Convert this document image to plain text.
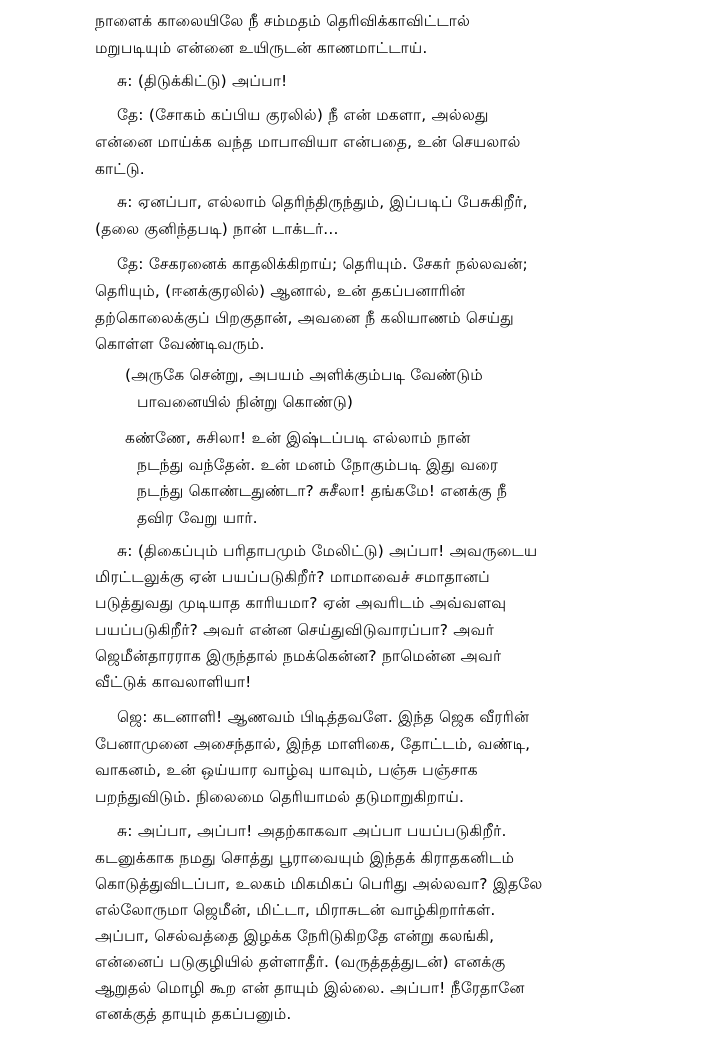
நாளைக் காலையிலே நீ சம்மதம் தெரிவிக்காவிட்டால்
மறுபடியும் என்னை உயிருடன் காணமாட்டாய்.
சு: (திடுக்கிட்டு) அப்பா!
தே: (சோகம் கப்பிய குரலில்) நீ என் மகளா, அல்லது
என்னை மாய்க்க வந்த மாபாவியா என்பதை, உன் செயலால்
காட்டு.
சு: ஏனப்பா, எல்லாம் தெரிந்திருந்தும், இப்படிப் பேசுகிறீர்,
(தலை குனிந்தபடி) நான் டாக்டர்...
தே: சேகரனைக் காதலிக்கிறாய்; தெரியும். சேகர் நல்லவன்;
தெரியும், (ஈனக்குரலில்) ஆனால், உன் தகப்பனாரின்
தற்கொலைக்குப் பிறகுதான், அவனை நீ கலியாணம் செய்து
கொள்ள வேண்டிவரும்.
(அருகே சென்று, அபயம் அளிக்கும்படி வேண்டும்
பாவனையில் நின்று கொண்டு)
கண்ணே, சுசிலா! உன் இஷ்டப்படி எல்லாம் நான்
நடந்து வந்தேன். உன் மனம் நோகும்படி இது வரை
நடந்து கொண்டதுண்டா? சுசீலா! தங்கமே! எனக்கு நீ
தவிர வேறு யார்.
சு: (திகைப்பும் பரிதாபமும் மேலிட்டு) அப்பா! அவருடைய
மிரட்டலுக்கு ஏன் பயப்படுகிறீர்? மாமாவைச் சமாதானப்
படுத்துவது முடியாத காரியமா? ஏன் அவரிடம் அவ்வளவு
பயப்படுகிறீர்? அவர் என்ன செய்துவிடுவாரப்பா? அவர்
ஜெமீன்தாரராக இருந்தால் நமக்கென்ன? நாமென்ன அவர்
வீட்டுக் காவலாளியா!
ஜெ: கடனாளி! ஆணவம் பிடித்தவளே. இந்த ஜெக வீரரின்
பேனாமுனை அசைந்தால், இந்த மாளிகை, தோட்டம், வண்டி,
வாகனம், உன் ஒய்யார வாழ்வு யாவும், பஞ்சு பஞ்சாக
பறந்துவிடும். நிலைமை தெரியாமல் தடுமாறுகிறாய்.
சு: அப்பா, அப்பா! அதற்காகவா அப்பா பயப்படுகிறீர்.
கடனுக்காக நமது சொத்து பூராவையும் இந்தக் கிராதகனிடம்
கொடுத்துவிடப்பா, உலகம் மிகமிகப் பெரிது அல்லவா? இதலே
எல்லோருமா ஜெமீன், மிட்டா, மிராசுடன் வாழ்கிறார்கள்.
அப்பா, செல்வத்தை இழக்க நேரிடுகிறதே என்று கலங்கி,
என்னைப் படுகுழியில் தள்ளாதீர். (வருத்தத்துடன்) எனக்கு
ஆறுதல் மொழி கூற என் தாயும் இல்லை. அப்பா! நீரேதானே
எனக்குத் தாயும் தகப்பனும்.
